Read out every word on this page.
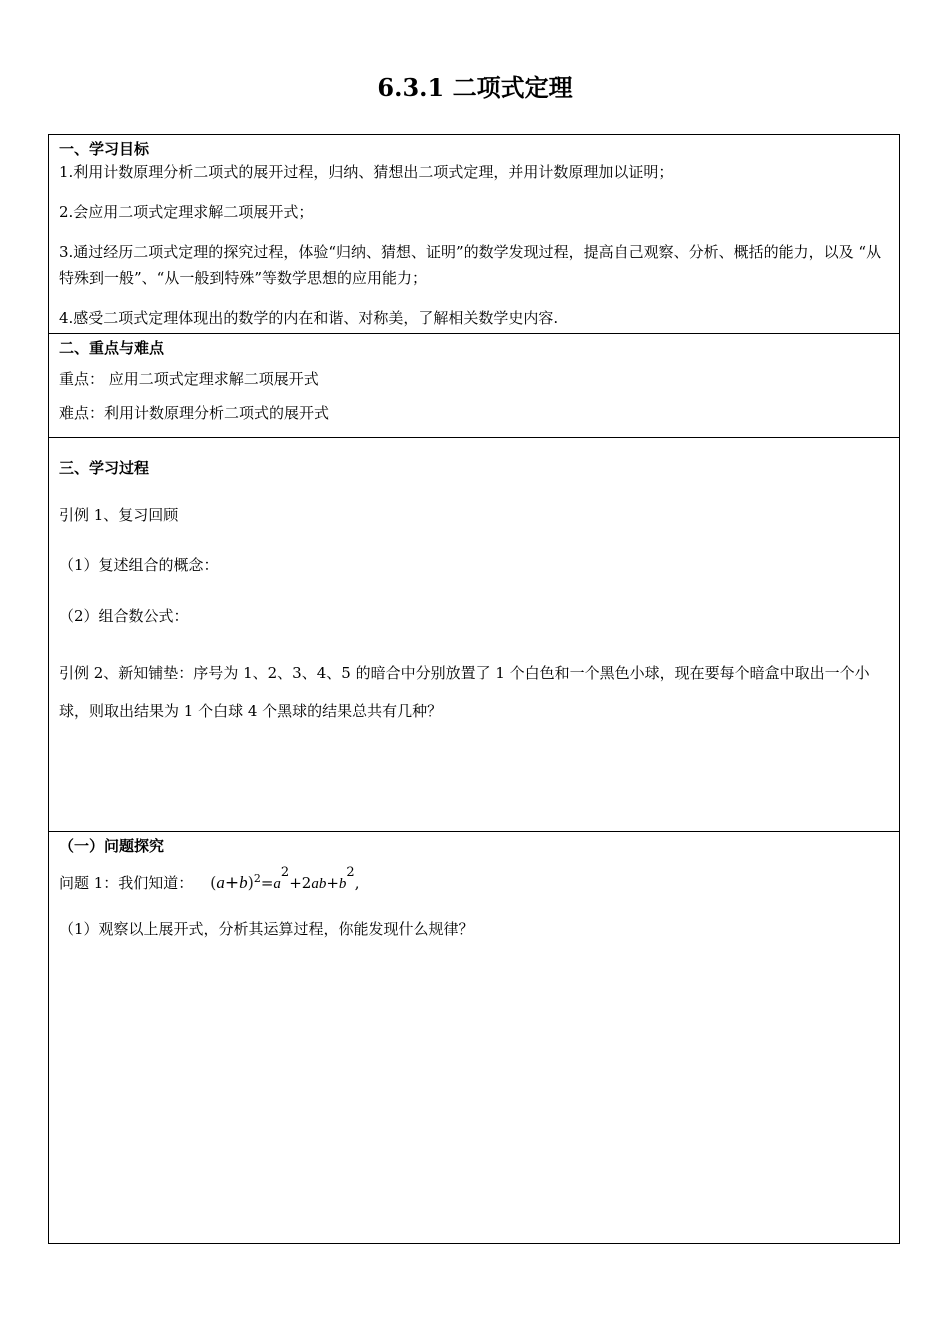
6.3.1 二项式定理
一、学习目标
1.利用计数原理分析二项式的展开过程，归纳、猜想出二项式定理，并用计数原理加以证明；
2.会应用二项式定理求解二项展开式；
3.通过经历二项式定理的探究过程，体验“归纳、猜想、证明”的数学发现过程，提高自己观察、分析、概括的能力，以及 “从特殊到一般”、“从一般到特殊”等数学思想的应用能力；
4.感受二项式定理体现出的数学的内在和谐、对称美，了解相关数学史内容.
二、重点与难点
重点： 应用二项式定理求解二项展开式
难点：利用计数原理分析二项式的展开式
三、学习过程
引例 1、复习回顾
（1）复述组合的概念：
（2）组合数公式：
引例 2、新知铺垫：序号为 1、2、3、4、5 的暗合中分别放置了 1 个白色和一个黑色小球，现在要每个暗盒中取出一个小球，则取出结果为 1 个白球 4 个黑球的结果总共有几种？
（一）问题探究
问题 1：我们知道： $(a+b)^2=a2+2ab+b2$,
（1）观察以上展开式，分析其运算过程，你能发现什么规律？
